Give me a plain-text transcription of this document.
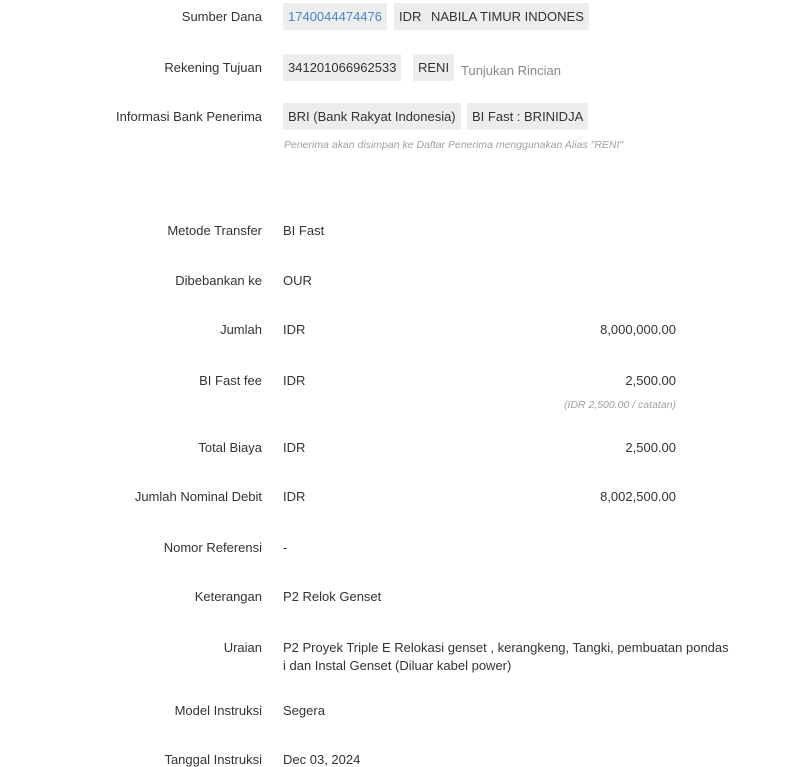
Sumber Dana	1740044474476	IDR NABILA TIMUR INDONES
Rekening Tujuan	341201066962533	RENI Tunjukan Rincian
Informasi Bank Penerima	BRI (Bank Rakyat Indonesia)	BI Fast : BRINIDJA
Penerima akan disimpan ke Daftar Penerima menggunakan Alias "RENI"
Metode Transfer BI Fast
Dibebankan ke OUR
Jumlah IDR	8,000,000.00
BI Fast fee IDR	2,500.00
(IDR 2,500.00 / catatan)
Total Biaya IDR	2,500.00
Jumlah Nominal Debit IDR	8,002,500.00
Nomor Referensi -
Keterangan P2 Relok Genset
Uraian P2 Proyek Triple E Relokasi genset , kerangkeng, Tangki, pembuatan pondas
i dan Instal Genset (Diluar kabel power)
Model Instruksi Segera
Tanggal Instruksi Dec 03, 2024
